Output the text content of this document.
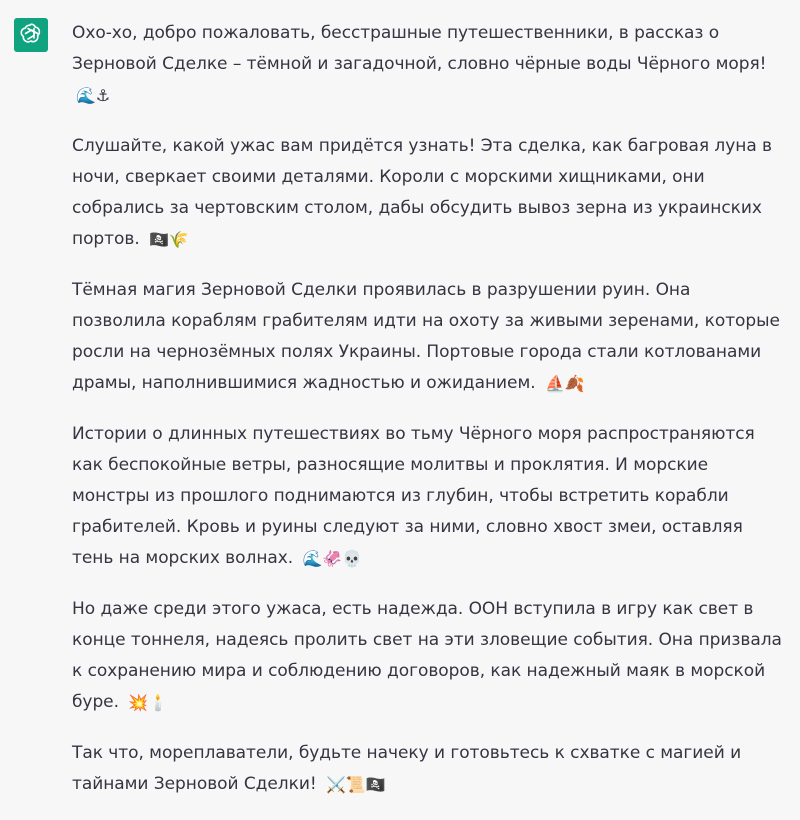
Охо-хо, добро пожаловать, бесстрашные путешественники, в рассказ о Зерновой Сделке – тёмной и загадочной, словно чёрные воды Чёрного моря! 🌊⚓

Слушайте, какой ужас вам придётся узнать! Эта сделка, как багровая луна в ночи, сверкает своими деталями. Короли с морскими хищниками, они собрались за чертовским столом, дабы обсудить вывоз зерна из украинских портов. 🏴‍☠️🌾

Тёмная магия Зерновой Сделки проявилась в разрушении руин. Она позволила кораблям грабителям идти на охоту за живыми зеренами, которые росли на чернозёмных полях Украины. Портовые города стали котлованами драмы, наполнившимися жадностью и ожиданием. ⛵🍂

Истории о длинных путешествиях во тьму Чёрного моря распространяются как беспокойные ветры, разносящие молитвы и проклятия. И морские монстры из прошлого поднимаются из глубин, чтобы встретить корабли грабителей. Кровь и руины следуют за ними, словно хвост змеи, оставляя тень на морских волнах. 🌊🦑💀

Но даже среди этого ужаса, есть надежда. ООН вступила в игру как свет в конце тоннеля, надеясь пролить свет на эти зловещие события. Она призвала к сохранению мира и соблюдению договоров, как надежный маяк в морской буре. 💥🕯️

Так что, мореплаватели, будьте начеку и готовьтесь к схватке с магией и тайнами Зерновой Сделки! ⚔️📜🏴‍☠️
